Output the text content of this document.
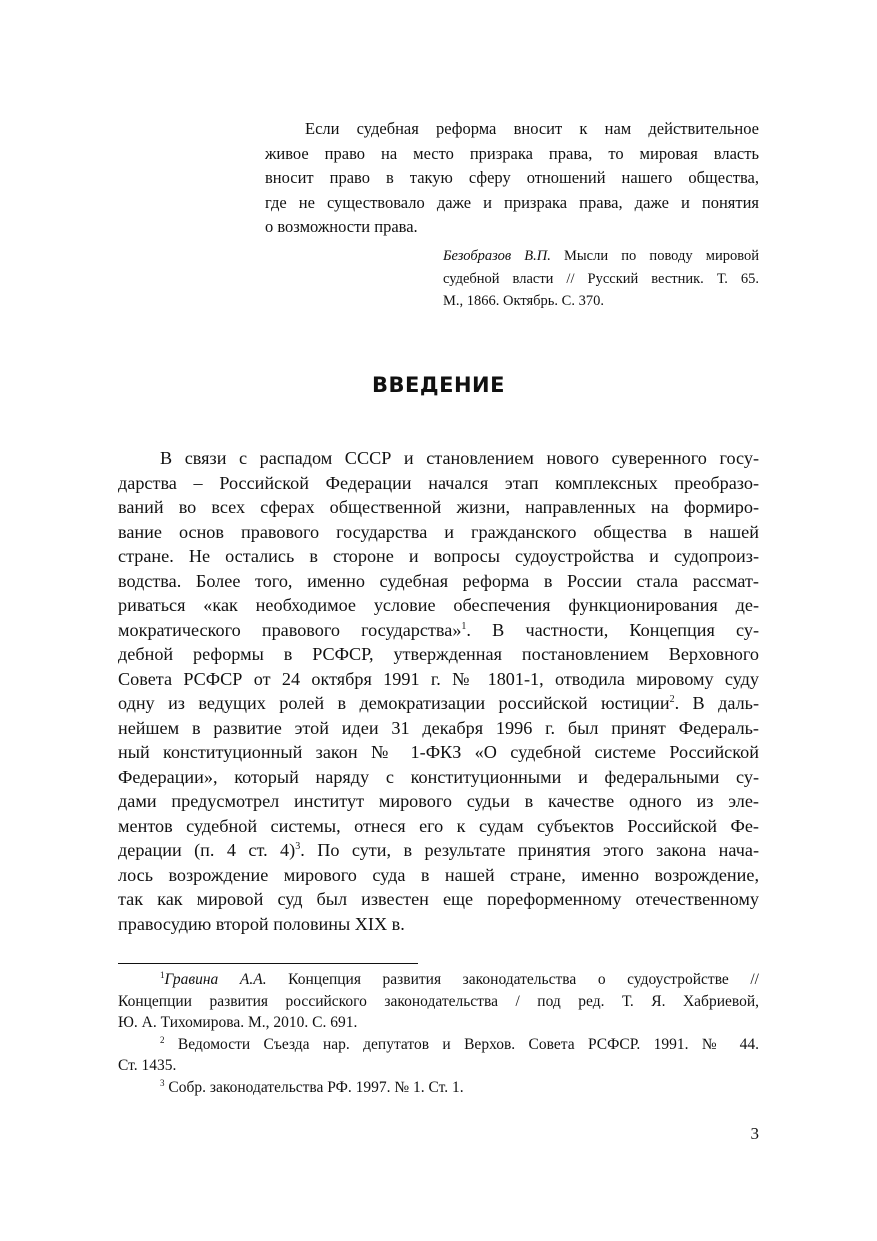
Если судебная реформа вносит к нам действительное
живое право на место призрака права, то мировая власть
вносит право в такую сферу отношений нашего общества,
где не существовало даже и призрака права, даже и понятия
о возможности права.
Безобразов В.П. Мысли по поводу мировой
судебной власти // Русский вестник. Т. 65.
М., 1866. Октябрь. С. 370.
ВВЕДЕНИЕ
В связи с распадом СССР и становлением нового суверенного госу-
дарства – Российской Федерации начался этап комплексных преобразо-
ваний во всех сферах общественной жизни, направленных на формиро-
вание основ правового государства и гражданского общества в нашей
стране. Не остались в стороне и вопросы судоустройства и судопроиз-
водства. Более того, именно судебная реформа в России стала рассмат-
риваться «как необходимое условие обеспечения функционирования де-
мократического правового государства»$^1$. В частности, Концепция су-
дебной реформы в РСФСР, утвержденная постановлением Верховного
Совета РСФСР от 24 октября 1991 г. № 1801-1, отводила мировому суду
одну из ведущих ролей в демократизации российской юстиции$^2$. В даль-
нейшем в развитие этой идеи 31 декабря 1996 г. был принят Федераль-
ный конституционный закон № 1-ФКЗ «О судебной системе Российской
Федерации», который наряду с конституционными и федеральными су-
дами предусмотрел институт мирового судьи в качестве одного из эле-
ментов судебной системы, отнеся его к судам субъектов Российской Фе-
дерации (п. 4 ст. 4)$^3$. По сути, в результате принятия этого закона нача-
лось возрождение мирового суда в нашей стране, именно возрождение,
так как мировой суд был известен еще пореформенному отечественному
правосудию второй половины XIX в.
$^1$Гравина А.А. Концепция развития законодательства о судоустройстве //
Концепции развития российского законодательства / под ред. Т. Я. Хабриевой,
Ю. А. Тихомирова. М., 2010. С. 691.
$^2$ Ведомости Съезда нар. депутатов и Верхов. Совета РСФСР. 1991. № 44.
Ст. 1435.
$^3$ Собр. законодательства РФ. 1997. № 1. Ст. 1.
3
